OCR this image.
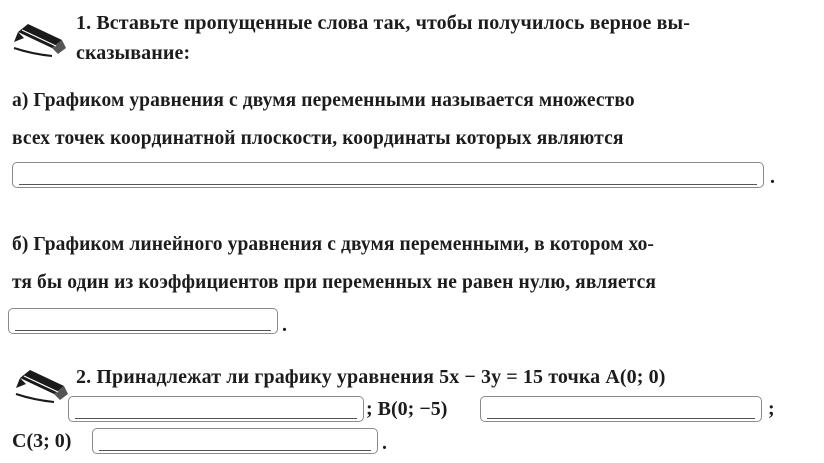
1. Вставьте пропущенные слова так, чтобы получилось верное вы-
сказывание:
а) Графиком уравнения с двумя переменными называется множество
всех точек координатной плоскости, координаты которых являются
.
б) Графиком линейного уравнения с двумя переменными, в котором хо-
тя бы один из коэффициентов при переменных не равен нулю, является
.
2. Принадлежат ли графику уравнения 5x − 3y = 15 точка A(0; 0)
; B(0; −5)	;
C(3; 0)	.
